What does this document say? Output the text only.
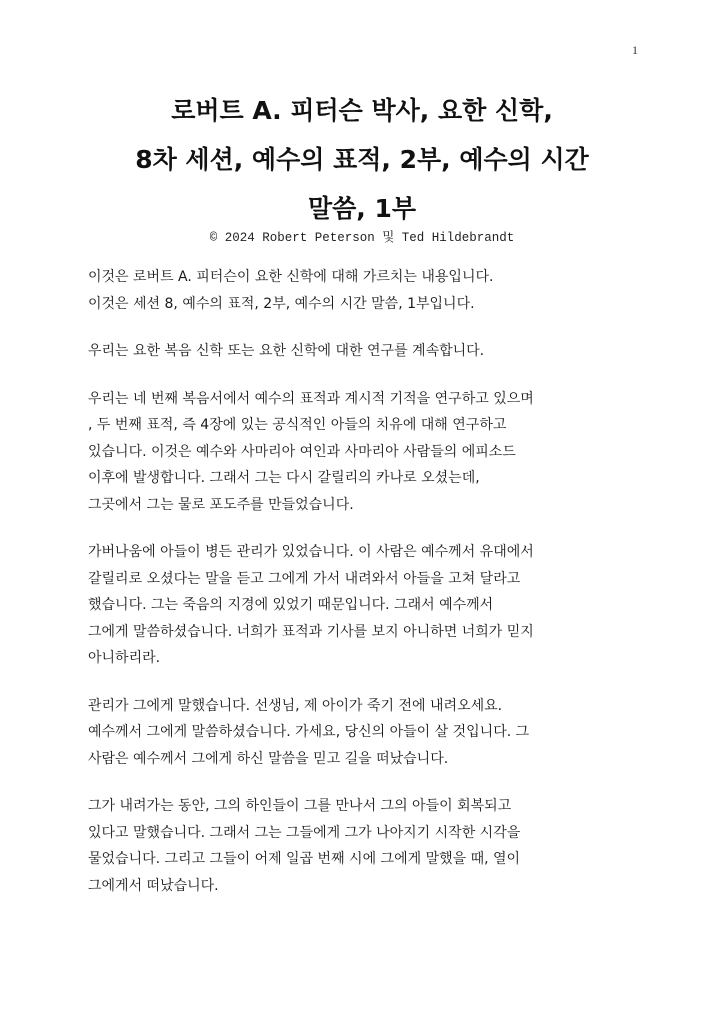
1
로버트 A. 피터슨 박사, 요한 신학,
8차 세션, 예수의 표적, 2부, 예수의 시간
말씀, 1부
© 2024 Robert Peterson 및 Ted Hildebrandt

이것은 로버트 A. 피터슨이 요한 신학에 대해 가르치는 내용입니다.
이것은 세션 8, 예수의 표적, 2부, 예수의 시간 말씀, 1부입니다.

우리는 요한 복음 신학 또는 요한 신학에 대한 연구를 계속합니다.

우리는 네 번째 복음서에서 예수의 표적과 계시적 기적을 연구하고 있으며
, 두 번째 표적, 즉 4장에 있는 공식적인 아들의 치유에 대해 연구하고
있습니다. 이것은 예수와 사마리아 여인과 사마리아 사람들의 에피소드
이후에 발생합니다. 그래서 그는 다시 갈릴리의 카나로 오셨는데,
그곳에서 그는 물로 포도주를 만들었습니다.

가버나움에 아들이 병든 관리가 있었습니다. 이 사람은 예수께서 유대에서
갈릴리로 오셨다는 말을 듣고 그에게 가서 내려와서 아들을 고쳐 달라고
했습니다. 그는 죽음의 지경에 있었기 때문입니다. 그래서 예수께서
그에게 말씀하셨습니다. 너희가 표적과 기사를 보지 아니하면 너희가 믿지
아니하리라.

관리가 그에게 말했습니다. 선생님, 제 아이가 죽기 전에 내려오세요.
예수께서 그에게 말씀하셨습니다. 가세요, 당신의 아들이 살 것입니다. 그
사람은 예수께서 그에게 하신 말씀을 믿고 길을 떠났습니다.

그가 내려가는 동안, 그의 하인들이 그를 만나서 그의 아들이 회복되고
있다고 말했습니다. 그래서 그는 그들에게 그가 나아지기 시작한 시각을
물었습니다. 그리고 그들이 어제 일곱 번째 시에 그에게 말했을 때, 열이
그에게서 떠났습니다.
